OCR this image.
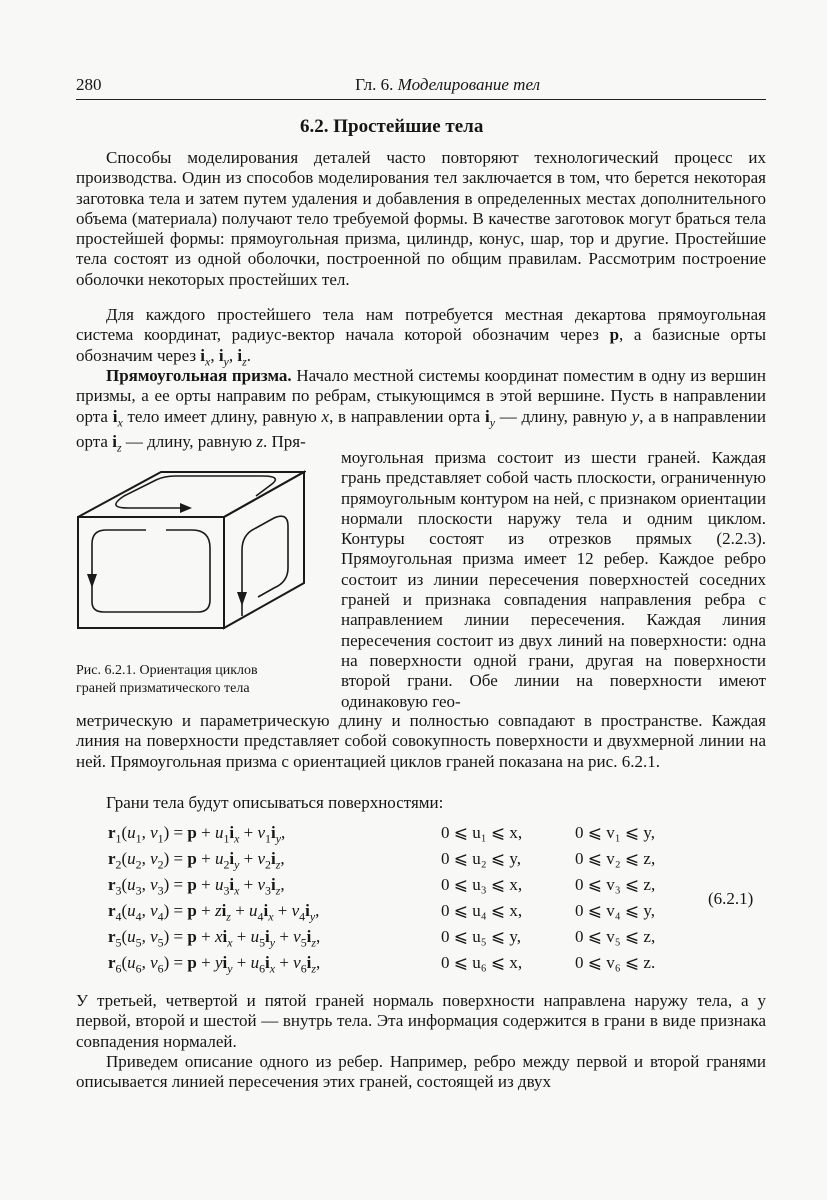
280	Гл. 6. Моделирование тел
6.2. Простейшие тела

Способы моделирования деталей часто повторяют технологический процесс их производства. Один из способов моделирования тел заключается в том, что берется некоторая заготовка тела и затем путем удаления и добавления в определенных местах дополнительного объема (материала) получают тело требуемой формы. В качестве заготовок могут браться тела простейшей формы: прямоугольная призма, цилиндр, конус, шар, тор и другие. Простейшие тела состоят из одной оболочки, построенной по общим правилам. Рассмотрим построение оболочки некоторых простейших тел.

Для каждого простейшего тела нам потребуется местная декартова прямоугольная система координат, радиус-вектор начала которой обозначим через p, а базисные орты обозначим через $i_x$, $i_y$, $i_z$.

Прямоугольная призма. Начало местной системы координат поместим в одну из вершин призмы, а ее орты направим по ребрам, стыкующимся в этой вершине. Пусть в направлении орта $i_x$ тело имеет длину, равную x, в направлении орта $i_y$ — длину, равную y, а в направлении орта $i_z$ — длину, равную z. Пря-

моугольная призма состоит из шести граней. Каждая грань представляет собой часть плоскости, ограниченную прямоугольным контуром на ней, с признаком ориентации нормали плоскости наружу тела и одним циклом. Контуры состоят из отрезков прямых (2.2.3). Прямоугольная призма имеет 12 ребер. Каждое ребро состоит из линии пересечения поверхностей соседних граней и признака совпадения направления ребра с направлением линии пересечения. Каждая линия пересечения состоит из двух линий на поверхности: одна на поверхности одной грани, другая на поверхности второй грани. Обе линии на поверхности имеют одинаковую гео-
Рис. 6.2.1. Ориентация циклов
граней призматического тела

метрическую и параметрическую длину и полностью совпадают в пространстве. Каждая линия на поверхности представляет собой совокупность поверхности и двухмерной линии на ней. Прямоугольная призма с ориентацией циклов граней показана на рис. 6.2.1.

Грани тела будут описываться поверхностями:

$r_1(u_1$, $v_1) = p + u_1i_x + v_1i_y$,	0 ⩽ u₁ ⩽ x,	0 ⩽ v₁ ⩽ y,
$r_2(u_2$, $v_2) = p + u_2i_y + v_2i_z$,	0 ⩽ u₂ ⩽ y,	0 ⩽ v₂ ⩽ z,
$r_3(u_3$, $v_3) = p + u_3i_x + v_3i_z$,	0 ⩽ u₃ ⩽ x,	0 ⩽ v₃ ⩽ z,
$r_4(u_4$, $v_4) = p + zi_z + u_4i_x + v_4i_y$,	0 ⩽ u₄ ⩽ x,	0 ⩽ v₄ ⩽ y,
$r_5(u_5$, $v_5) = p + xi_x + u_5i_y + v_5i_z$,	0 ⩽ u₅ ⩽ y,	0 ⩽ v₅ ⩽ z,
$r_6(u_6$, $v_6) = p + yi_y + u_6i_x + v_6i_z$,	0 ⩽ u₆ ⩽ x,	0 ⩽ v₆ ⩽ z.
(6.2.1)

У третьей, четвертой и пятой граней нормаль поверхности направлена наружу тела, а у первой, второй и шестой — внутрь тела. Эта информация содержится в грани в виде признака совпадения нормалей.

Приведем описание одного из ребер. Например, ребро между первой и второй гранями описывается линией пересечения этих граней, состоящей из двух
